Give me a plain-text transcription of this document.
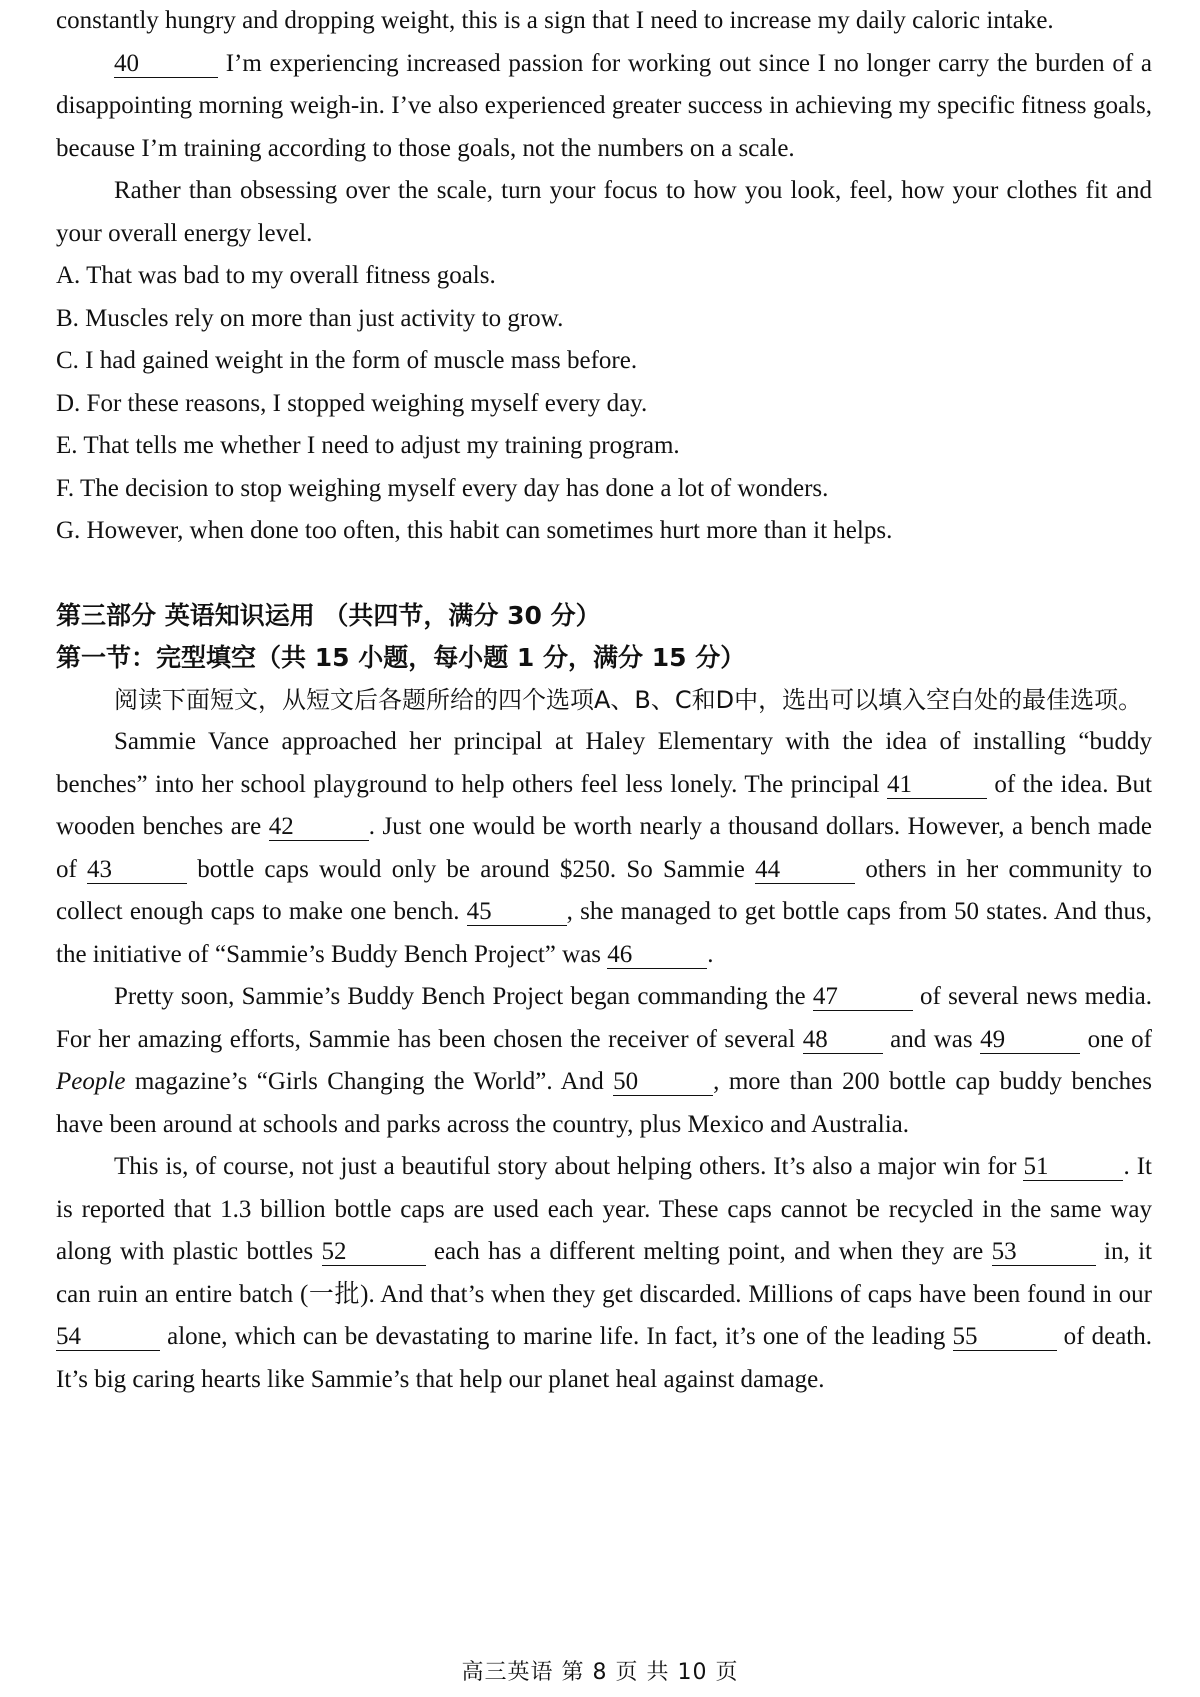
constantly hungry and dropping weight, this is a sign that I need to increase my daily caloric intake.

40	I’m experiencing increased passion for working out since I no longer carry the burden of a disappointing morning weigh-in. I’ve also experienced greater success in achieving my specific fitness goals, because I’m training according to those goals, not the numbers on a scale.

Rather than obsessing over the scale, turn your focus to how you look, feel, how your clothes fit and your overall energy level.

A. That was bad to my overall fitness goals.

B. Muscles rely on more than just activity to grow.

C. I had gained weight in the form of muscle mass before.

D. For these reasons, I stopped weighing myself every day.

E. That tells me whether I need to adjust my training program.

F. The decision to stop weighing myself every day has done a lot of wonders.

G. However, when done too often, this habit can sometimes hurt more than it helps.

第三部分 英语知识运用 （共四节，满分 30 分）

第一节：完型填空（共 15 小题，每小题 1 分，满分 15 分）

阅读下面短文，从短文后各题所给的四个选项A、B、C和D中，选出可以填入空白处的最佳选项。

Sammie Vance approached her principal at Haley Elementary with the idea of installing “buddy benches” into her school playground to help others feel less lonely. The principal 41	of the idea. But wooden benches are 42	. Just one would be worth nearly a thousand dollars. However, a bench made of 43	bottle caps would only be around $250. So Sammie 44	others in her community to collect enough caps to make one bench. 45	, she managed to get bottle caps from 50 states. And thus, the initiative of “Sammie’s Buddy Bench Project” was 46	.

Pretty soon, Sammie’s Buddy Bench Project began commanding the 47	of several news media. For her amazing efforts, Sammie has been chosen the receiver of several 48 and was 49	one of People magazine’s “Girls Changing the World”. And 50	, more than 200 bottle cap buddy benches have been around at schools and parks across the country, plus Mexico and Australia.

This is, of course, not just a beautiful story about helping others. It’s also a major win for 51	. It is reported that 1.3 billion bottle caps are used each year. These caps cannot be recycled in the same way along with plastic bottles 52	each has a different melting point, and when they are 53	in, it can ruin an entire batch (一批). And that’s when they get discarded. Millions of caps have been found in our 54	alone, which can be devastating to marine life. In fact, it’s one of the leading 55	of death. It’s big caring hearts like Sammie’s that help our planet heal against damage.

高三英语 第 8 页 共 10 页
